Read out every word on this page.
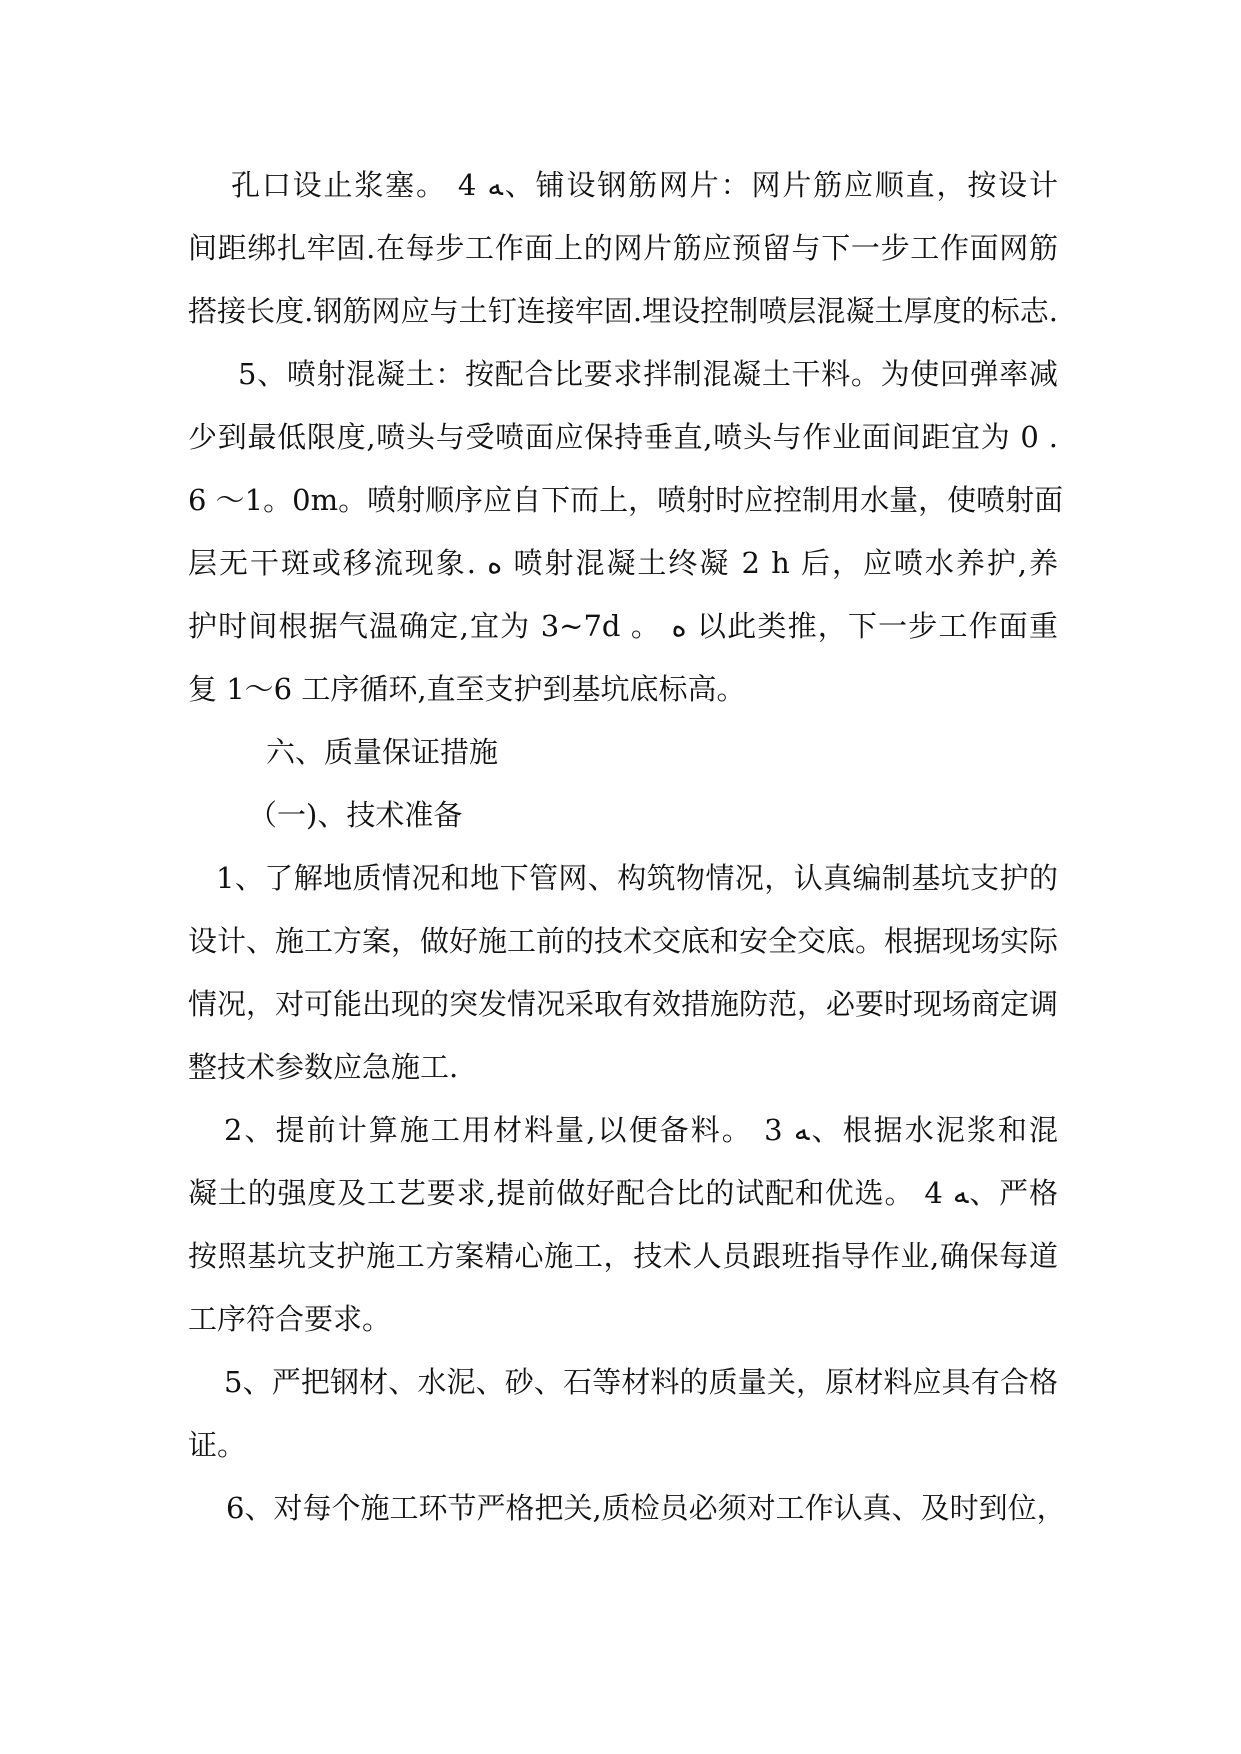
孔口设止浆塞。 4 ﻪ、铺设钢筋网片：网片筋应顺直，按设计
间距绑扎牢固.在每步工作面上的网片筋应预留与下一步工作面网筋
搭接长度.钢筋网应与土钉连接牢固.埋设控制喷层混凝土厚度的标志.
5、喷射混凝土：按配合比要求拌制混凝土干料。为使回弹率减
少到最低限度,喷头与受喷面应保持垂直,喷头与作业面间距宜为 0 .
6 ～1。0m。喷射顺序应自下而上，喷射时应控制用水量，使喷射面
层无干斑或移流现象. ﻩ 喷射混凝土终凝 2 h 后，应喷水养护,养
护时间根据气温确定,宜为 3~7d 。 ﻩ 以此类推，下一步工作面重
复 1～6 工序循环,直至支护到基坑底标高。
六、质量保证措施
（一)、技术准备
1、了解地质情况和地下管网、构筑物情况，认真编制基坑支护的
设计、施工方案，做好施工前的技术交底和安全交底。根据现场实际
情况，对可能出现的突发情况采取有效措施防范，必要时现场商定调
整技术参数应急施工.
2、提前计算施工用材料量,以便备料。 3 ﻪ、根据水泥浆和混
凝土的强度及工艺要求,提前做好配合比的试配和优选。 4 ﻪ、严格
按照基坑支护施工方案精心施工，技术人员跟班指导作业,确保每道
工序符合要求。
5、严把钢材、水泥、砂、石等材料的质量关，原材料应具有合格
证。
6、对每个施工环节严格把关,质检员必须对工作认真、及时到位，
